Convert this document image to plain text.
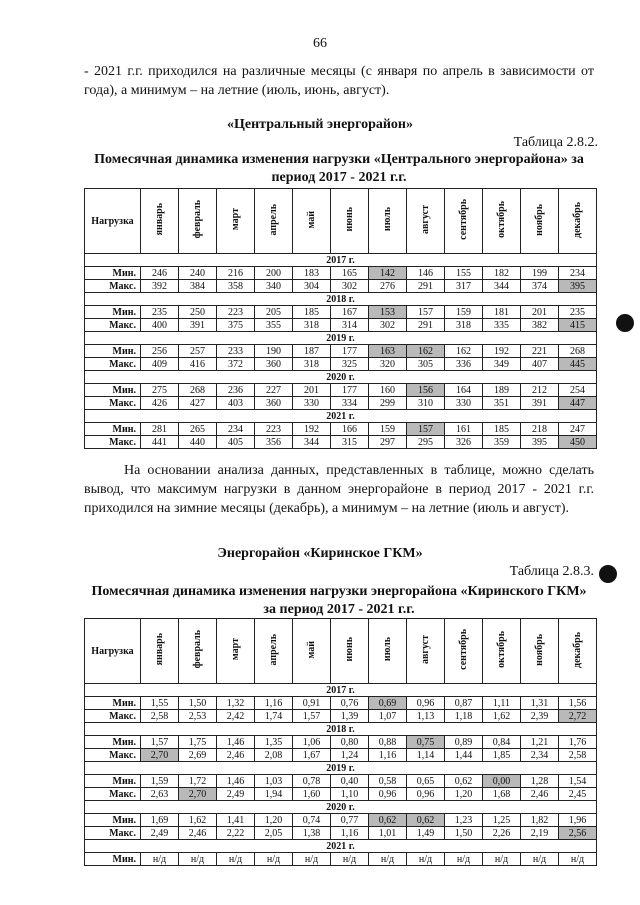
66
- 2021 г.г. приходился на различные месяцы (с января по апрель в зависимости от года), а минимум – на летние (июль, июнь, август).
«Центральный энергорайон»
Таблица 2.8.2.
Помесячная динамика изменения нагрузки «Центрального энергорайона» за период 2017 - 2021 г.г.
Нагрузка	январь	февраль	март	апрель	май	июнь	июль	август	сентябрь	октябрь	ноябрь	декабрь
2017 г.												
Мин.	246	240	216	200	183	165	142	146	155	182	199	234
Макс.	392	384	358	340	304	302	276	291	317	344	374	395
2018 г.												
Мин.	235	250	223	205	185	167	153	157	159	181	201	235
Макс.	400	391	375	355	318	314	302	291	318	335	382	415
2019 г.												
Мин.	256	257	233	190	187	177	163	162	162	192	221	268
Макс.	409	416	372	360	318	325	320	305	336	349	407	445
2020 г.												
Мин.	275	268	236	227	201	177	160	156	164	189	212	254
Макс.	426	427	403	360	330	334	299	310	330	351	391	447
2021 г.												
Мин.	281	265	234	223	192	166	159	157	161	185	218	247
Макс.	441	440	405	356	344	315	297	295	326	359	395	450
На основании анализа данных, представленных в таблице, можно сделать вывод, что максимум нагрузки в данном энергорайоне в период 2017 - 2021 г.г. приходился на зимние месяцы (декабрь), а минимум – на летние (июль и август).
Энергорайон «Киринское ГКМ»
Таблица 2.8.3.
Помесячная динамика изменения нагрузки энергорайона «Киринского ГКМ» за период 2017 - 2021 г.г.
Нагрузка	январь	февраль	март	апрель	май	июнь	июль	август	сентябрь	октябрь	ноябрь	декабрь
2017 г.												
Мин.	1,55	1,50	1,32	1,16	0,91	0,76	0,69	0,96	0,87	1,11	1,31	1,56
Макс.	2,58	2,53	2,42	1,74	1,57	1,39	1,07	1,13	1,18	1,62	2,39	2,72
2018 г.												
Мин.	1,57	1,75	1,46	1,35	1,06	0,80	0,88	0,75	0,89	0,84	1,21	1,76
Макс.	2,70	2,69	2,46	2,08	1,67	1,24	1,16	1,14	1,44	1,85	2,34	2,58
2019 г.												
Мин.	1,59	1,72	1,46	1,03	0,78	0,40	0,58	0,65	0,62	0,00	1,28	1,54
Макс.	2,63	2,70	2,49	1,94	1,60	1,10	0,96	0,96	1,20	1,68	2,46	2,45
2020 г.												
Мин.	1,69	1,62	1,41	1,20	0,74	0,77	0,62	0,62	1,23	1,25	1,82	1,96
Макс.	2,49	2,46	2,22	2,05	1,38	1,16	1,01	1,49	1,50	2,26	2,19	2,56
2021 г.												
Мин.	н/д	н/д	н/д	н/д	н/д	н/д	н/д	н/д	н/д	н/д	н/д	н/д
